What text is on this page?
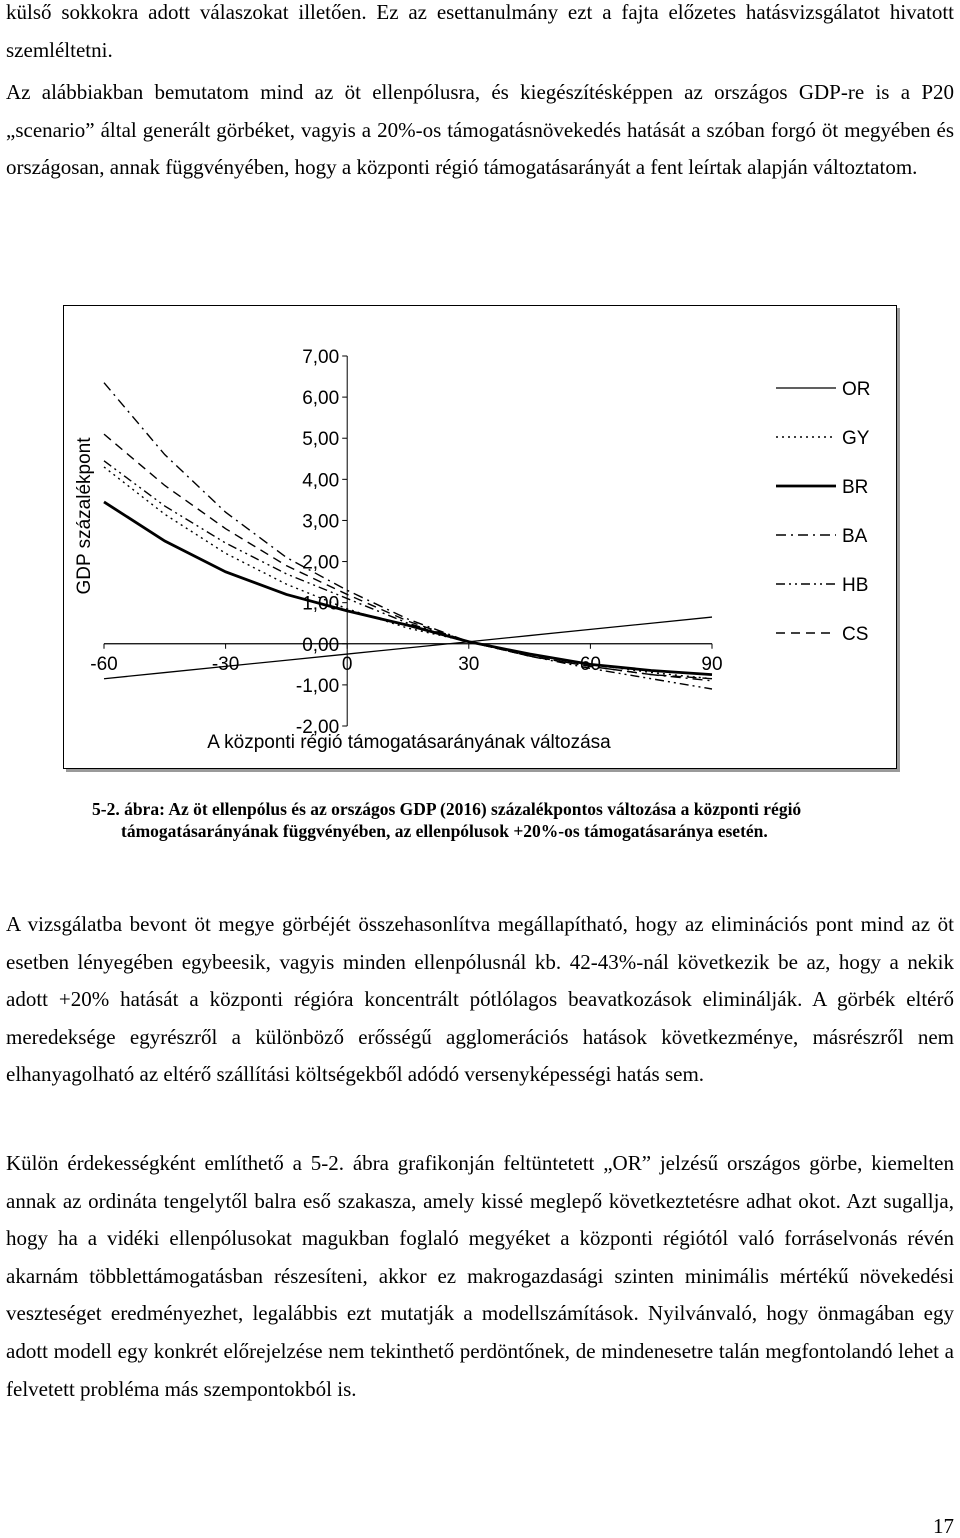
külső sokkokra adott válaszokat illetően. Ez az esettanulmány ezt a fajta előzetes hatásvizsgálatot hivatott szemléltetni.

Az alábbiakban bemutatom mind az öt ellenpólusra, és kiegészítésképpen az országos GDP-re is a P20 „scenario” által generált görbéket, vagyis a 20%-os támogatásnövekedés hatását a szóban forgó öt megyében és országosan, annak függvényében, hogy a központi régió támogatásarányát a fent leírtak alapján változtatom.

GDP százalékpont
A központi régió támogatásarányának változása
7,00
6,00
5,00
4,00
3,00
2,00
1,00
0,00
-1,00
-2,00
-60	-30	0	30	60	90
OR
GY
BR
BA
HB
CS
5-2. ábra: Az öt ellenpólus és az országos GDP (2016) százalékpontos változása a központi régió
támogatásarányának függvényében, az ellenpólusok +20%-os támogatásaránya esetén.

A vizsgálatba bevont öt megye görbéjét összehasonlítva megállapítható, hogy az eliminációs pont mind az öt esetben lényegében egybeesik, vagyis minden ellenpólusnál kb. 42-43%-nál következik be az, hogy a nekik adott +20% hatását a központi régióra koncentrált pótlólagos beavatkozások eliminálják. A görbék eltérő meredeksége egyrészről a különböző erősségű agglomerációs hatások következménye, másrészről nem elhanyagolható az eltérő szállítási költségekből adódó versenyképességi hatás sem.

Külön érdekességként említhető a 5-2. ábra grafikonján feltüntetett „OR” jelzésű országos görbe, kiemelten annak az ordináta tengelytől balra eső szakasza, amely kissé meglepő következtetésre adhat okot. Azt sugallja, hogy ha a vidéki ellenpólusokat magukban foglaló megyéket a központi régiótól való forráselvonás révén akarnám többlettámogatásban részesíteni, akkor ez makrogazdasági szinten minimális mértékű növekedési veszteséget eredményezhet, legalábbis ezt mutatják a modellszámítások. Nyilvánvaló, hogy önmagában egy adott modell egy konkrét előrejelzése nem tekinthető perdöntőnek, de mindenesetre talán megfontolandó lehet a felvetett probléma más szempontokból is.

17
